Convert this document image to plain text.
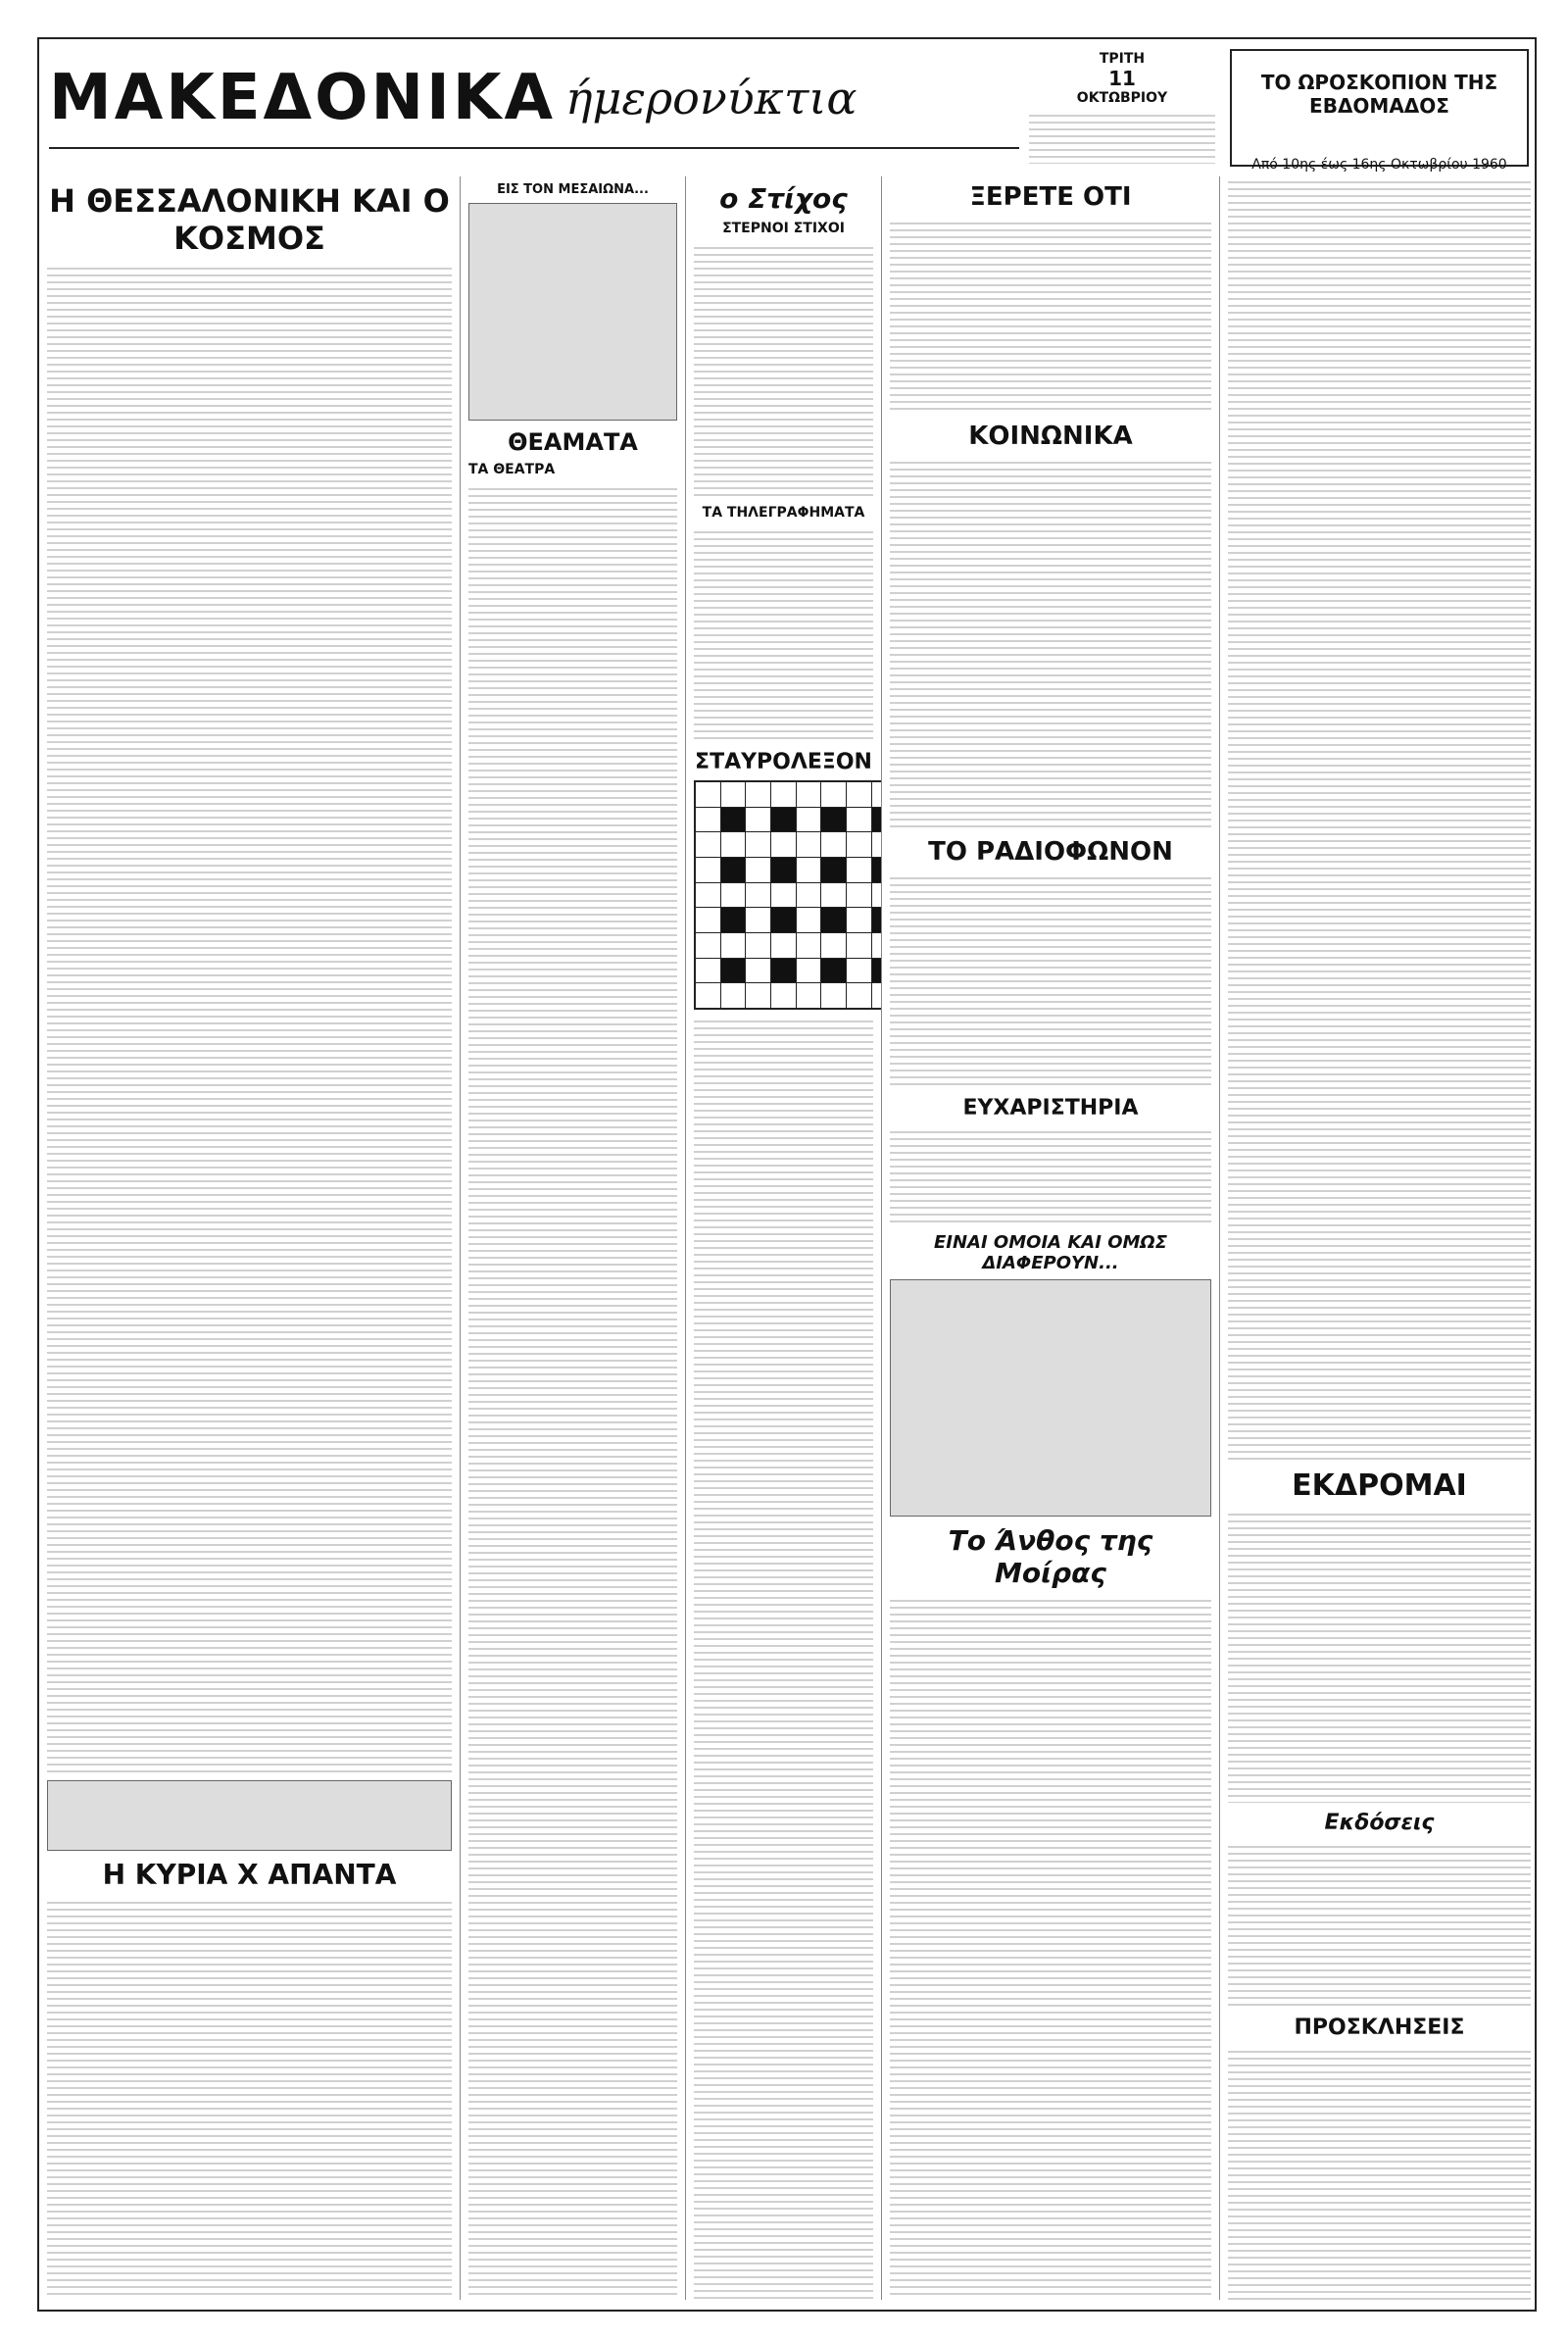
ΜΑΚΕΔΟΝΙΚΑ ήμερονύκτια
ΤΡΙΤΗ
11
ΟΚΤΩΒΡΙΟΥ
ΤΟ ΩΡΟΣΚΟΠΙΟΝ ΤΗΣ ΕΒΔΟΜΑΔΟΣ
Από 10ης έως 16ης Οκτωβρίου 1960
Η ΘΕΣΣΑΛΟΝΙΚΗ ΚΑΙ Ο ΚΟΣΜΟΣ
Η ΚΥΡΙΑ Χ ΑΠΑΝΤΑ
ΕΙΣ ΤΟΝ ΜΕΣΑΙΩΝΑ...
ΘΕΑΜΑΤΑ
ΤΑ ΘΕΑΤΡΑ
ο Στίχος
ΣΤΕΡΝΟΙ ΣΤΙΧΟΙ
ΤΑ ΤΗΛΕΓΡΑΦΗΜΑΤΑ
ΣΤΑΥΡΟΛΕΞΟΝ
ΞΕΡΕΤΕ ΟΤΙ
ΚΟΙΝΩΝΙΚΑ
ΤΟ ΡΑΔΙΟΦΩΝΟΝ
ΕΥΧΑΡΙΣΤΗΡΙΑ
ΕΙΝΑΙ ΟΜΟΙΑ ΚΑΙ ΟΜΩΣ ΔΙΑΦΕΡΟΥΝ...
Το Άνθος της Μοίρας
ΕΚΔΡΟΜΑΙ
Εκδόσεις
ΠΡΟΣΚΛΗΣΕΙΣ
